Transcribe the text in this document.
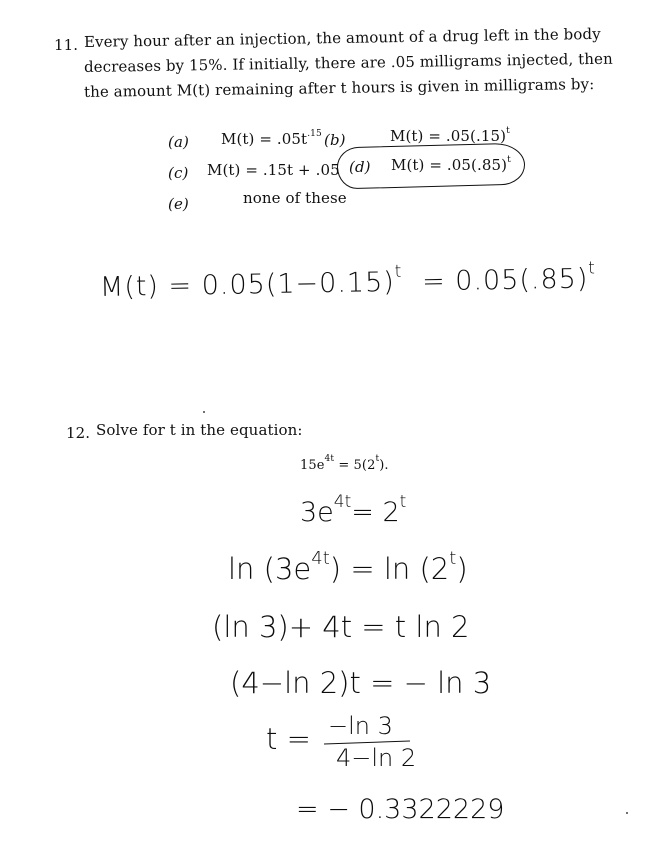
11. Every hour after an injection, the amount of a drug left in the body
decreases by 15%. If initially, there are .05 milligrams injected, then
the amount M(t) remaining after t hours is given in milligrams by:
(a) $M(t) = .05t^{.15}$ (b)	$M(t) = .05(.15)^t$
(c) M(t) = .15t + .05 (d) $M(t) = .05(.85)^t$
(e)	none of these
$M(t) = 0.05(1-0.15)^t = 0.05(.85)^t$
12. Solve for t in the equation:
$15e^{4t} = 5(2^t)$.
$3e^{4t}= 2^t$
$\ln (3e^{4t}) = \ln (2^t)$
(ln 3)+ 4t = t ln 2
(4−ln 2)t = − ln 3
t = −ln 3
4−ln 2
= − 0.3322229
